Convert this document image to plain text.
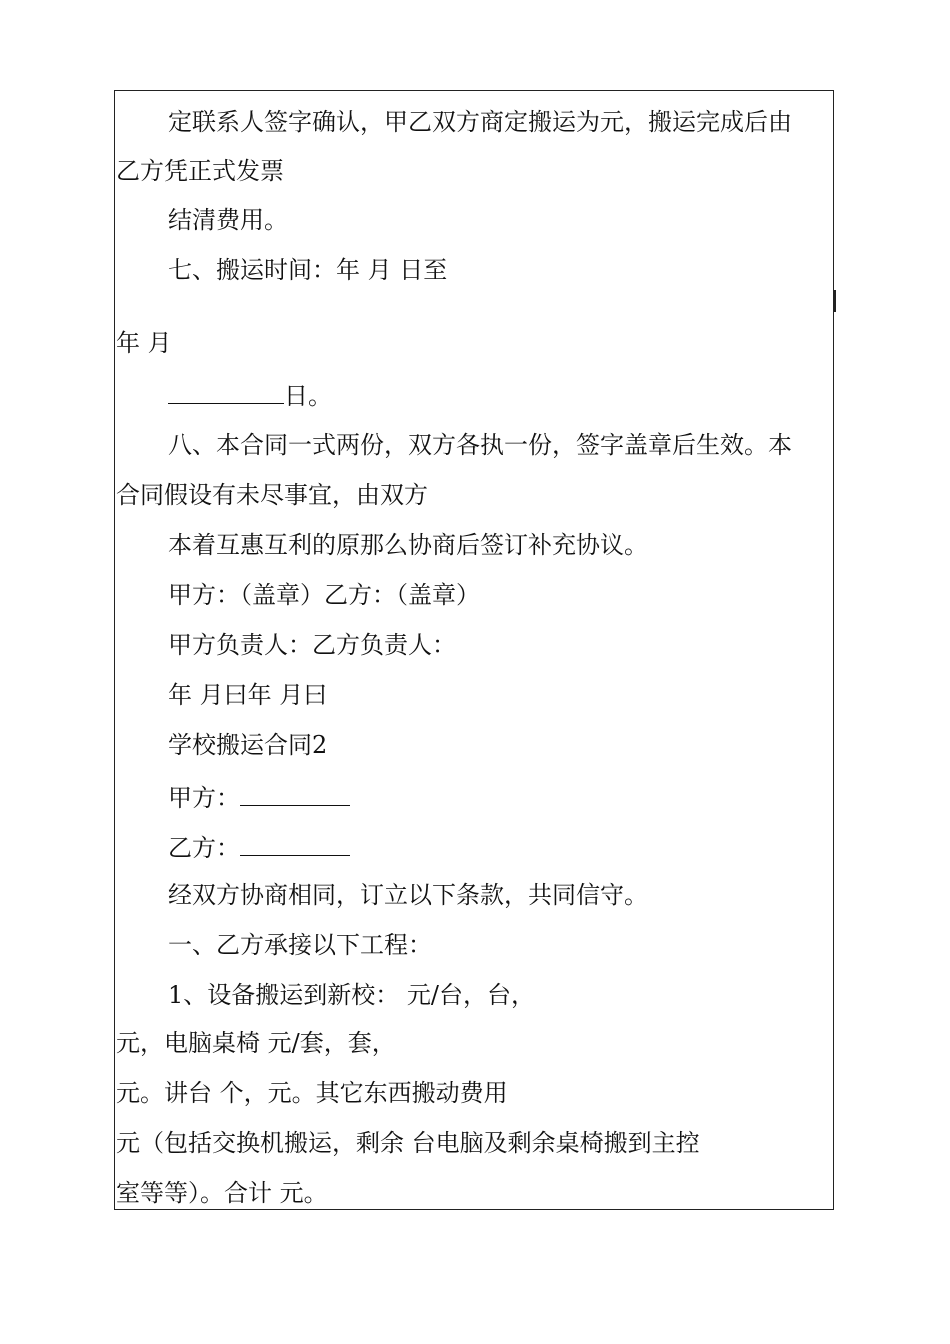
定联系人签字确认，甲乙双方商定搬运为元，搬运完成后由
乙方凭正式发票
结清费用。
七、搬运时间：年 月 日至
年 月
日。
八、本合同一式两份，双方各执一份，签字盖章后生效。本
合同假设有未尽事宜，由双方
本着互惠互利的原那么协商后签订补充协议。
甲方：（盖章）乙方：（盖章）
甲方负责人：乙方负责人：
年 月曰年 月曰
学校搬运合同2
甲方：
乙方：
经双方协商相同，订立以下条款，共同信守。
一、乙方承接以下工程：
1、设备搬运到新校： 元/台，台，
元，电脑桌椅 元/套，套，
元。讲台 个，元。其它东西搬动费用
元（包括交换机搬运，剩余 台电脑及剩余桌椅搬到主控
室等等）。合计 元。
